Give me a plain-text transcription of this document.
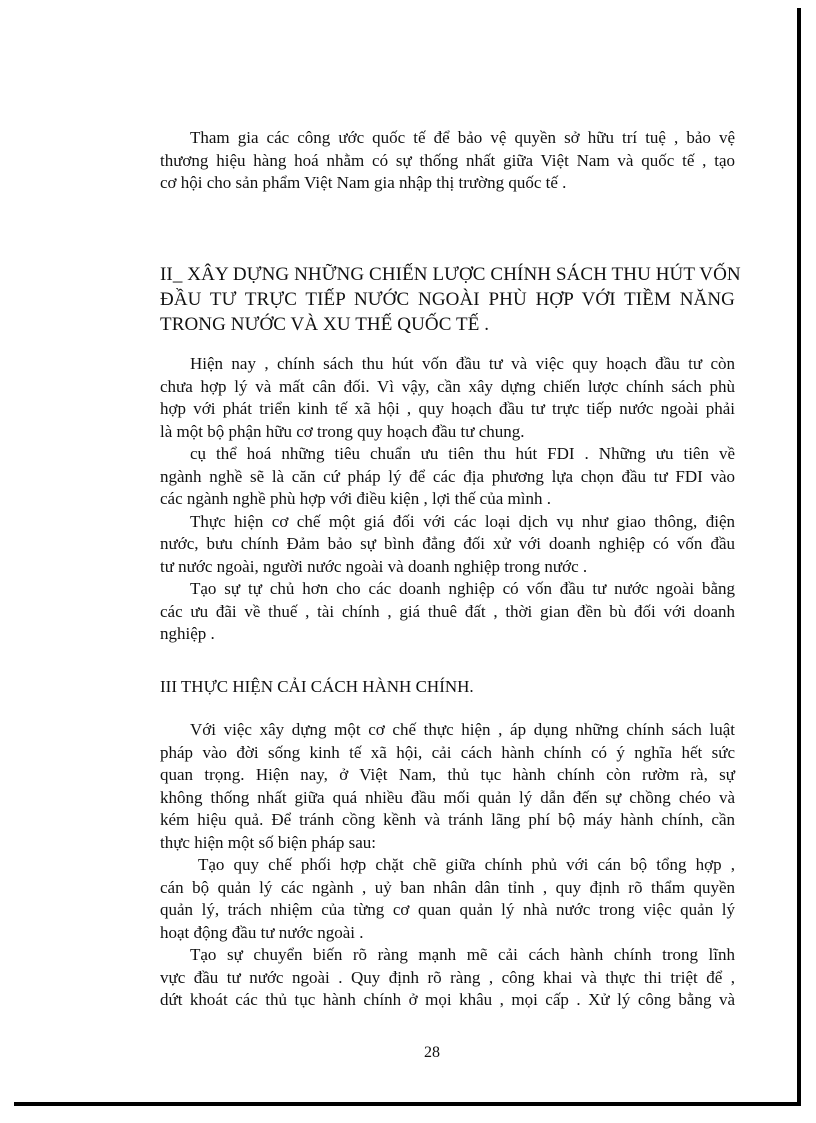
Tham gia các công ước quốc tế để bảo vệ quyền sở hữu trí tuệ , bảo vệ
thương hiệu hàng hoá nhằm có sự thống nhất giữa Việt Nam và quốc tế , tạo
cơ hội cho sản phẩm Việt Nam gia nhập thị trường quốc tế .
II_ XÂY DỰNG NHỮNG CHIẾN LƯỢC CHÍNH SÁCH THU HÚT VỐN
ĐẦU TƯ TRỰC TIẾP NƯỚC NGOÀI PHÙ HỢP VỚI TIỀM NĂNG
TRONG NƯỚC VÀ XU THẾ QUỐC TẾ .
Hiện nay , chính sách thu hút vốn đầu tư và việc quy hoạch đầu tư còn
chưa hợp lý và mất cân đối. Vì vậy, cần xây dựng chiến lược chính sách phù
hợp với phát triển kinh tế xã hội , quy hoạch đầu tư trực tiếp nước ngoài phải
là một bộ phận hữu cơ trong quy hoạch đầu tư chung.
cụ thể hoá những tiêu chuẩn ưu tiên thu hút FDI . Những ưu tiên về
ngành nghề sẽ là căn cứ pháp lý để các địa phương lựa chọn đầu tư FDI vào
các ngành nghề phù hợp với điều kiện , lợi thế của mình .
Thực hiện cơ chế một giá đối với các loại dịch vụ như giao thông, điện
nước, bưu chính Đảm bảo sự bình đẳng đối xử với doanh nghiệp có vốn đầu
tư nước ngoài, người nước ngoài và doanh nghiệp trong nước .
Tạo sự tự chủ hơn cho các doanh nghiệp có vốn đầu tư nước ngoài bằng
các ưu đãi về thuế , tài chính , giá thuê đất , thời gian đền bù đối với doanh
nghiệp .
III THỰC HIỆN CẢI CÁCH HÀNH CHÍNH.
Với việc xây dựng một cơ chế thực hiện , áp dụng những chính sách luật
pháp vào đời sống kinh tế xã hội, cải cách hành chính có ý nghĩa hết sức
quan trọng. Hiện nay, ở Việt Nam, thủ tục hành chính còn rườm rà, sự
không thống nhất giữa quá nhiều đầu mối quản lý dẫn đến sự chồng chéo và
kém hiệu quả. Để tránh cồng kềnh và tránh lãng phí bộ máy hành chính, cần
thực hiện một số biện pháp sau:
Tạo quy chế phối hợp chặt chẽ giữa chính phủ với cán bộ tổng hợp ,
cán bộ quản lý các ngành , uỷ ban nhân dân tỉnh , quy định rõ thẩm quyền
quản lý, trách nhiệm của từng cơ quan quản lý nhà nước trong việc quản lý
hoạt động đầu tư nước ngoài .
Tạo sự chuyển biến rõ ràng mạnh mẽ cải cách hành chính trong lĩnh
vực đầu tư nước ngoài . Quy định rõ ràng , công khai và thực thi triệt để ,
dứt khoát các thủ tục hành chính ở mọi khâu , mọi cấp . Xử lý công bằng và
28
